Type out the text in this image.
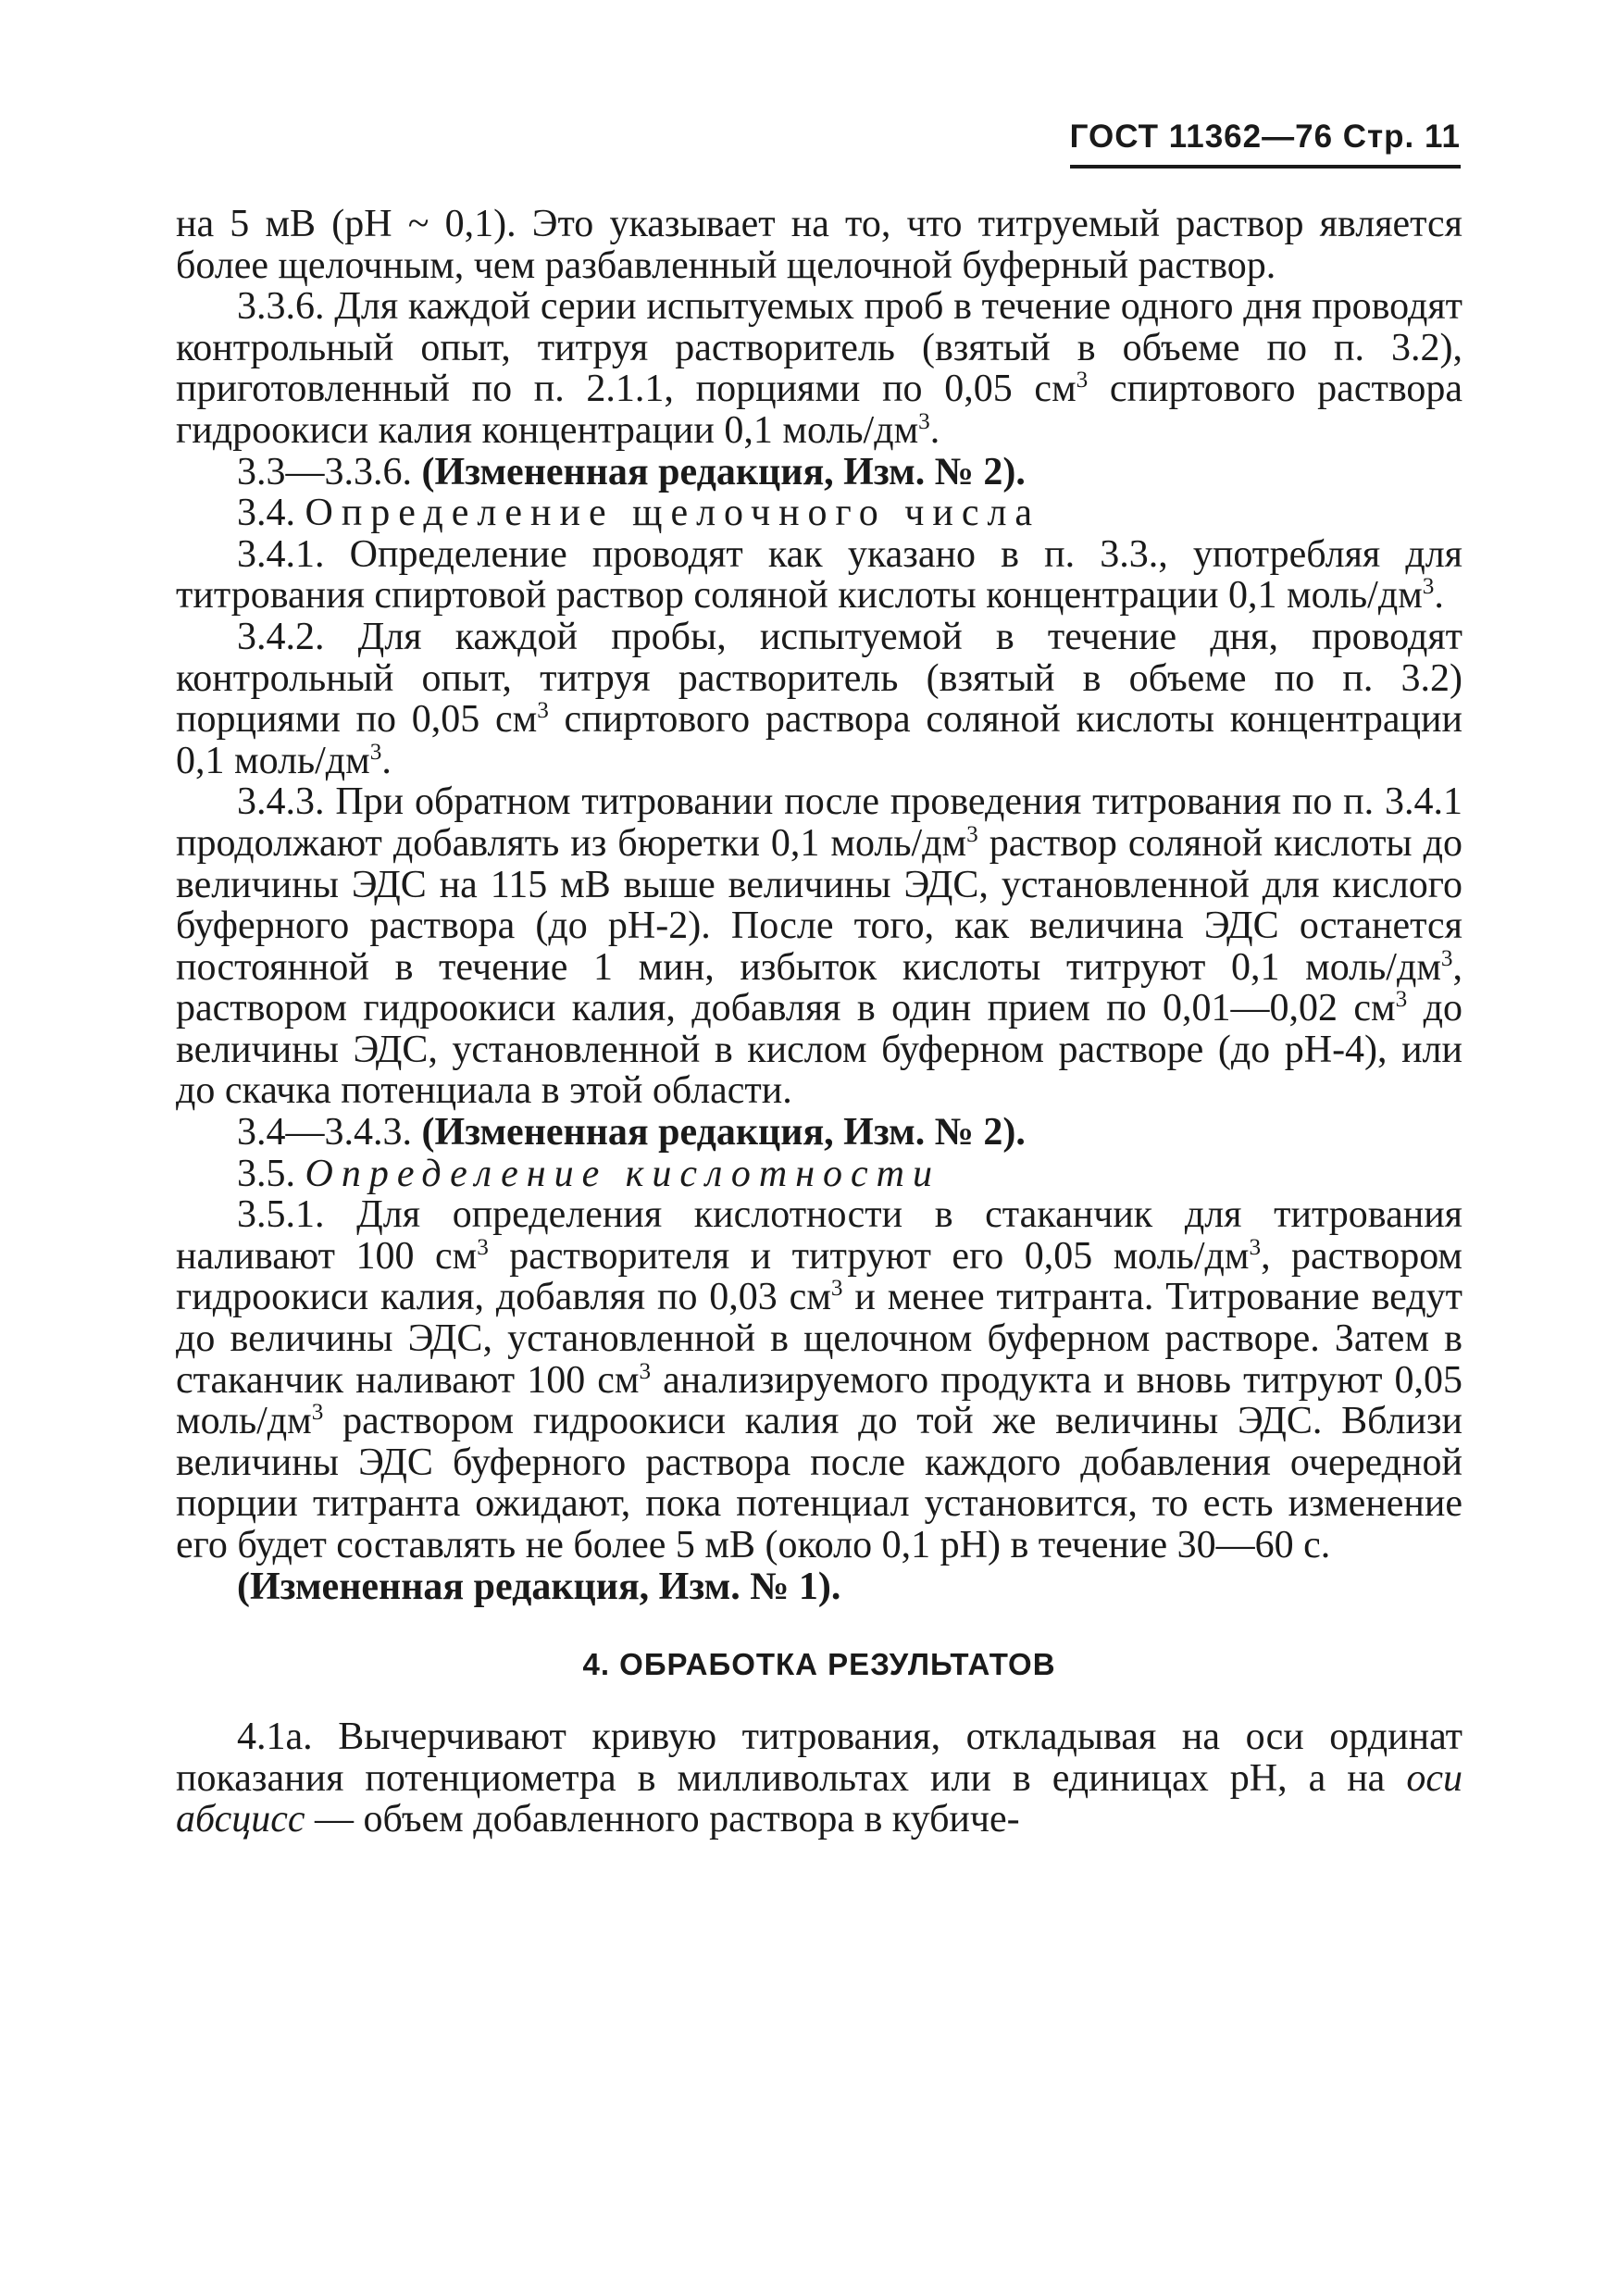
ГОСТ 11362—76 Стр. 11

на 5 мВ (рН ~ 0,1). Это указывает на то, что титруемый раствор является более щелочным, чем разбавленный щелочной буферный раствор.

3.3.6. Для каждой серии испытуемых проб в течение одного дня проводят контрольный опыт, титруя растворитель (взятый в объеме по п. 3.2), приготовленный по п. 2.1.1, порциями по 0,05 $см^3$ спиртового раствора гидроокиси калия концентрации 0,1 моль/$дм^3$.

3.3—3.3.6. (Измененная редакция, Изм. № 2).

3.4. Определение щелочного числа

3.4.1. Определение проводят как указано в п. 3.3., употребляя для титрования спиртовой раствор соляной кислоты концентрации 0,1 моль/$дм^3$.

3.4.2. Для каждой пробы, испытуемой в течение дня, проводят контрольный опыт, титруя растворитель (взятый в объеме по п. 3.2) порциями по 0,05 $см^3$ спиртового раствора соляной кислоты концентрации 0,1 моль/$дм^3$.

3.4.3. При обратном титровании после проведения титрования по п. 3.4.1 продолжают добавлять из бюретки 0,1 моль/$дм^3$ раствор соляной кислоты до величины ЭДС на 115 мВ выше величины ЭДС, установленной для кислого буферного раствора (до рН-2). После того, как величина ЭДС останется постоянной в течение 1 мин, избыток кислоты титруют 0,1 моль/$дм^3$, раствором гидроокиси калия, добавляя в один прием по 0,01—0,02 $см^3$ до величины ЭДС, установленной в кислом буферном растворе (до рН-4), или до скачка потенциала в этой области.

3.4—3.4.3. (Измененная редакция, Изм. № 2).

3.5. Определение кислотности

3.5.1. Для определения кислотности в стаканчик для титрования наливают 100 $см^3$ растворителя и титруют его 0,05 моль/$дм^3$, раствором гидроокиси калия, добавляя по 0,03 $см^3$ и менее титранта. Титрование ведут до величины ЭДС, установленной в щелочном буферном растворе. Затем в стаканчик наливают 100 $см^3$ анализируемого продукта и вновь титруют 0,05 моль/$дм^3$ раствором гидроокиси калия до той же величины ЭДС. Вблизи величины ЭДС буферного раствора после каждого добавления очередной порции титранта ожидают, пока потенциал установится, то есть изменение его будет составлять не более 5 мВ (около 0,1 рН) в течение 30—60 с.

(Измененная редакция, Изм. № 1).

4. ОБРАБОТКА РЕЗУЛЬТАТОВ

4.1а. Вычерчивают кривую титрования, откладывая на оси ординат показания потенциометра в милливольтах или в единицах рН, а на оси абсцисс — объем добавленного раствора в кубиче-
